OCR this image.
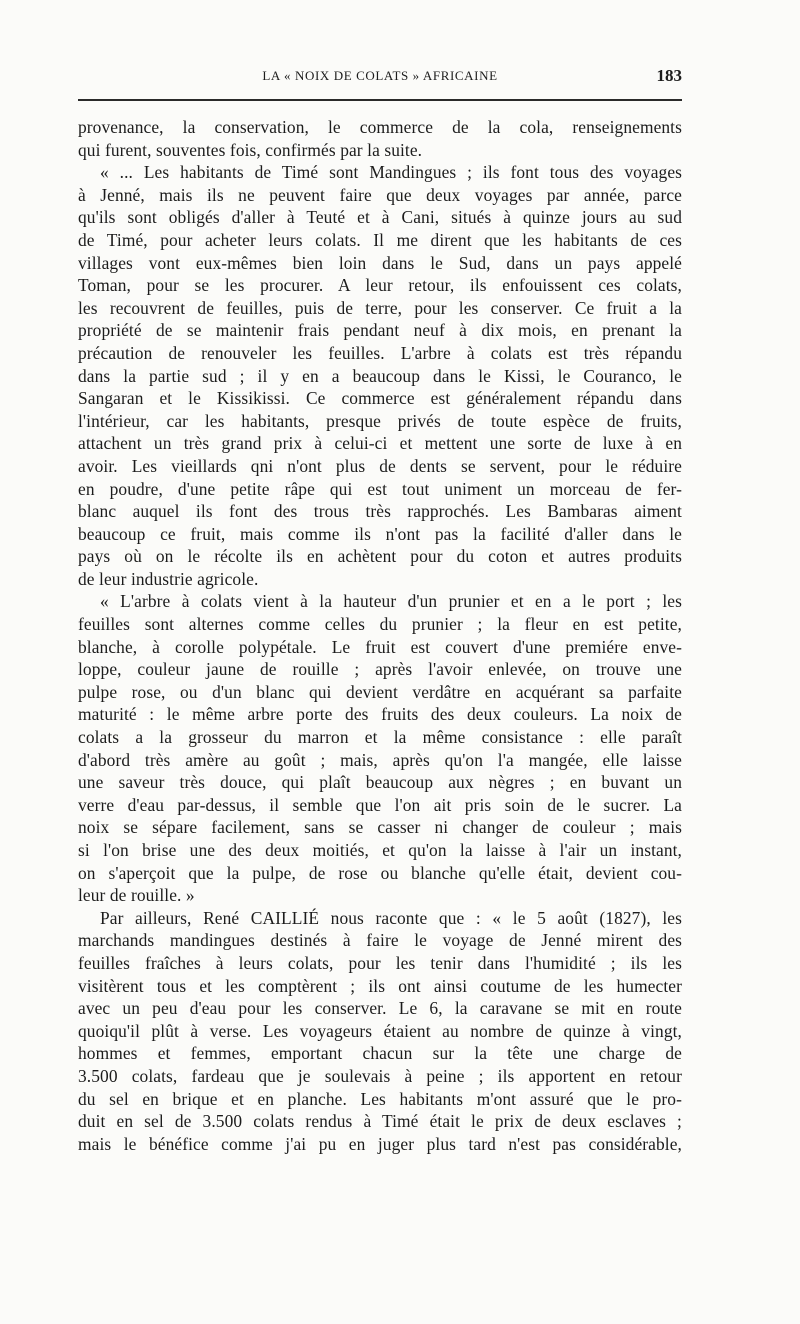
LA « NOIX DE COLATS » AFRICAINE	183
provenance, la conservation, le commerce de la cola, renseignements
qui furent, souventes fois, confirmés par la suite.
« ... Les habitants de Timé sont Mandingues ; ils font tous des voyages
à Jenné, mais ils ne peuvent faire que deux voyages par année, parce
qu'ils sont obligés d'aller à Teuté et à Cani, situés à quinze jours au sud
de Timé, pour acheter leurs colats. Il me dirent que les habitants de ces
villages vont eux-mêmes bien loin dans le Sud, dans un pays appelé
Toman, pour se les procurer. A leur retour, ils enfouissent ces colats,
les recouvrent de feuilles, puis de terre, pour les conserver. Ce fruit a la
propriété de se maintenir frais pendant neuf à dix mois, en prenant la
précaution de renouveler les feuilles. L'arbre à colats est très répandu
dans la partie sud ; il y en a beaucoup dans le Kissi, le Couranco, le
Sangaran et le Kissikissi. Ce commerce est généralement répandu dans
l'intérieur, car les habitants, presque privés de toute espèce de fruits,
attachent un très grand prix à celui-ci et mettent une sorte de luxe à en
avoir. Les vieillards qni n'ont plus de dents se servent, pour le réduire
en poudre, d'une petite râpe qui est tout uniment un morceau de fer-
blanc auquel ils font des trous très rapprochés. Les Bambaras aiment
beaucoup ce fruit, mais comme ils n'ont pas la facilité d'aller dans le
pays où on le récolte ils en achètent pour du coton et autres produits
de leur industrie agricole.
« L'arbre à colats vient à la hauteur d'un prunier et en a le port ; les
feuilles sont alternes comme celles du prunier ; la fleur en est petite,
blanche, à corolle polypétale. Le fruit est couvert d'une premiére enve-
loppe, couleur jaune de rouille ; après l'avoir enlevée, on trouve une
pulpe rose, ou d'un blanc qui devient verdâtre en acquérant sa parfaite
maturité : le même arbre porte des fruits des deux couleurs. La noix de
colats a la grosseur du marron et la même consistance : elle paraît
d'abord très amère au goût ; mais, après qu'on l'a mangée, elle laisse
une saveur très douce, qui plaît beaucoup aux nègres ; en buvant un
verre d'eau par-dessus, il semble que l'on ait pris soin de le sucrer. La
noix se sépare facilement, sans se casser ni changer de couleur ; mais
si l'on brise une des deux moitiés, et qu'on la laisse à l'air un instant,
on s'aperçoit que la pulpe, de rose ou blanche qu'elle était, devient cou-
leur de rouille. »
Par ailleurs, René CAILLIÉ nous raconte que : « le 5 août (1827), les
marchands mandingues destinés à faire le voyage de Jenné mirent des
feuilles fraîches à leurs colats, pour les tenir dans l'humidité ; ils les
visitèrent tous et les comptèrent ; ils ont ainsi coutume de les humecter
avec un peu d'eau pour les conserver. Le 6, la caravane se mit en route
quoiqu'il plût à verse. Les voyageurs étaient au nombre de quinze à vingt,
hommes et femmes, emportant chacun sur la tête une charge de
3.500 colats, fardeau que je soulevais à peine ; ils apportent en retour
du sel en brique et en planche. Les habitants m'ont assuré que le pro-
duit en sel de 3.500 colats rendus à Timé était le prix de deux esclaves ;
mais le bénéfice comme j'ai pu en juger plus tard n'est pas considérable,
